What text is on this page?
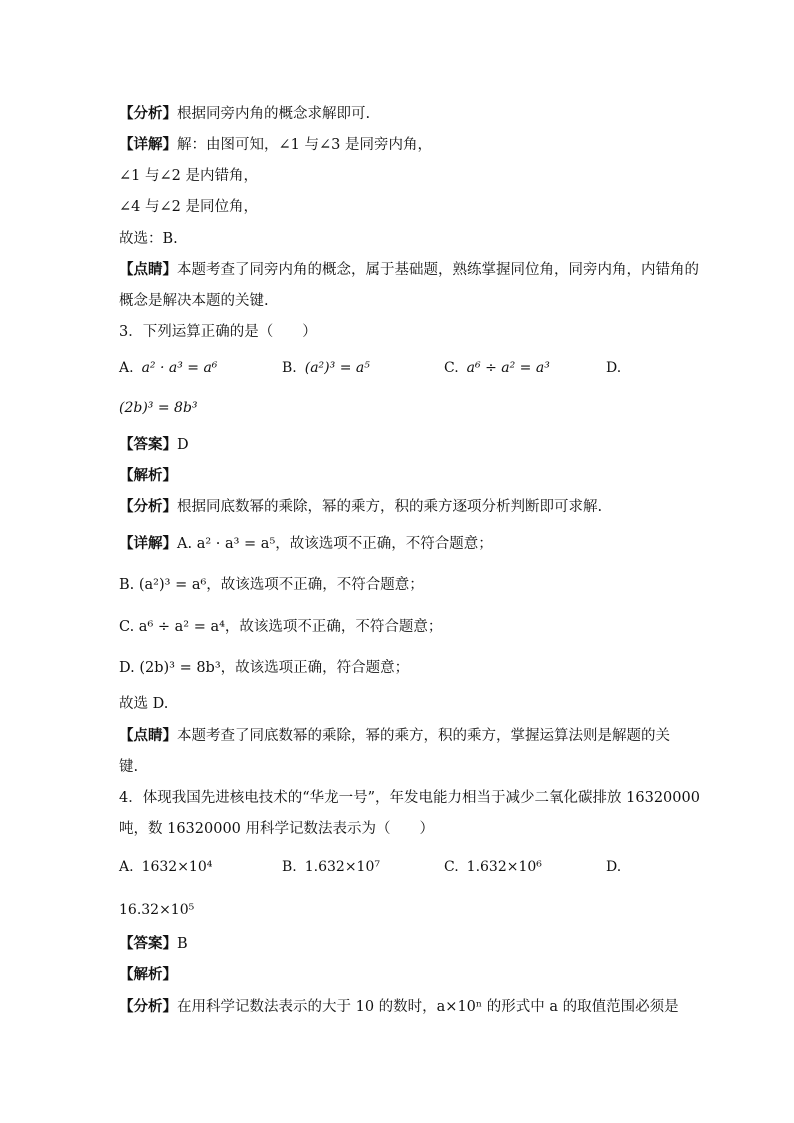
【分析】根据同旁内角的概念求解即可.
【详解】解：由图可知，∠1 与∠3 是同旁内角，
∠1 与∠2 是内错角，
∠4 与∠2 是同位角，
故选：B.
【点睛】本题考查了同旁内角的概念，属于基础题，熟练掌握同位角，同旁内角，内错角的
概念是解决本题的关键.
3．下列运算正确的是（　　）
A. a² · a³ = a⁶	B. (a²)³ = a⁵	C. a⁶ ÷ a² = a³	D.
(2b)³ = 8b³
【答案】D
【解析】
【分析】根据同底数幂的乘除，幂的乘方，积的乘方逐项分析判断即可求解.
【详解】A. a² · a³ = a⁵，故该选项不正确，不符合题意；
B. (a²)³ = a⁶，故该选项不正确，不符合题意；
C. a⁶ ÷ a² = a⁴，故该选项不正确，不符合题意；
D. (2b)³ = 8b³，故该选项正确，符合题意；
故选 D.
【点睛】本题考查了同底数幂的乘除，幂的乘方，积的乘方，掌握运算法则是解题的关
键.
4．体现我国先进核电技术的“华龙一号”，年发电能力相当于减少二氧化碳排放 16320000
吨，数 16320000 用科学记数法表示为（　　）
A. 1632×10⁴	B. 1.632×10⁷	C. 1.632×10⁶	D.
16.32×10⁵
【答案】B
【解析】
【分析】在用科学记数法表示的大于 10 的数时，a×10ⁿ 的形式中 a 的取值范围必须是
